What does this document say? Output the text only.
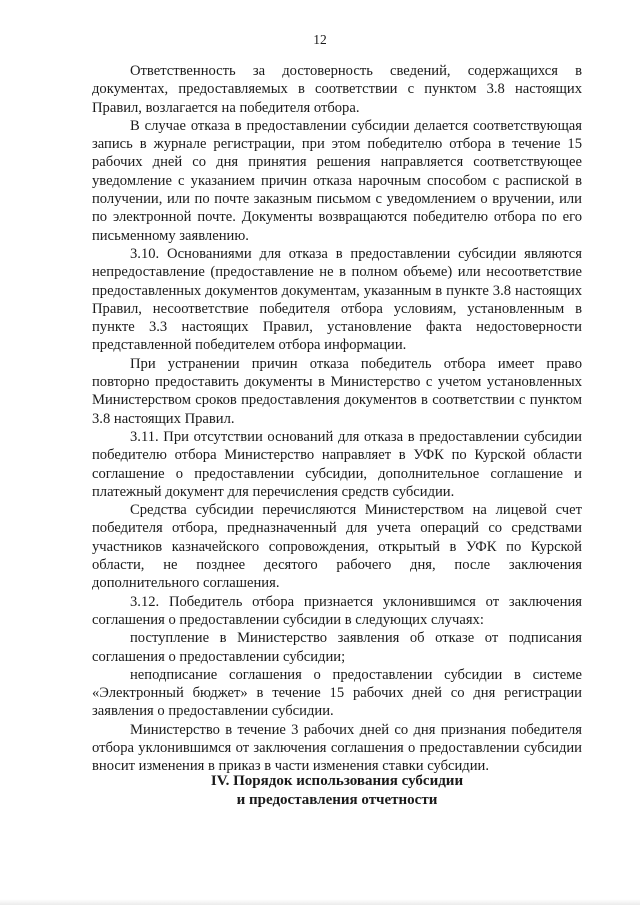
12

Ответственность за достоверность сведений, содержащихся в документах, предоставляемых в соответствии с пунктом 3.8 настоящих Правил, возлагается на победителя отбора.

В случае отказа в предоставлении субсидии делается соответствующая запись в журнале регистрации, при этом победителю отбора в течение 15 рабочих дней со дня принятия решения направляется соответствующее уведомление с указанием причин отказа нарочным способом с распиской в получении, или по почте заказным письмом с уведомлением о вручении, или по электронной почте. Документы возвращаются победителю отбора по его письменному заявлению.

3.10. Основаниями для отказа в предоставлении субсидии являются непредоставление (предоставление не в полном объеме) или несоответствие предоставленных документов документам, указанным в пункте 3.8 настоящих Правил, несоответствие победителя отбора условиям, установленным в пункте 3.3 настоящих Правил, установление факта недостоверности представленной победителем отбора информации.

При устранении причин отказа победитель отбора имеет право повторно предоставить документы в Министерство с учетом установленных Министерством сроков предоставления документов в соответствии с пунктом 3.8 настоящих Правил.

3.11. При отсутствии оснований для отказа в предоставлении субсидии победителю отбора Министерство направляет в УФК по Курской области соглашение о предоставлении субсидии, дополнительное соглашение и платежный документ для перечисления средств субсидии.

Средства субсидии перечисляются Министерством на лицевой счет победителя отбора, предназначенный для учета операций со средствами участников казначейского сопровождения, открытый в УФК по Курской области, не позднее десятого рабочего дня, после заключения дополнительного соглашения.

3.12. Победитель отбора признается уклонившимся от заключения соглашения о предоставлении субсидии в следующих случаях:

поступление в Министерство заявления об отказе от подписания соглашения о предоставлении субсидии;

неподписание соглашения о предоставлении субсидии в системе «Электронный бюджет» в течение 15 рабочих дней со дня регистрации заявления о предоставлении субсидии.

Министерство в течение 3 рабочих дней со дня признания победителя отбора уклонившимся от заключения соглашения о предоставлении субсидии вносит изменения в приказ в части изменения ставки субсидии.

IV. Порядок использования субсидии
и предоставления отчетности
